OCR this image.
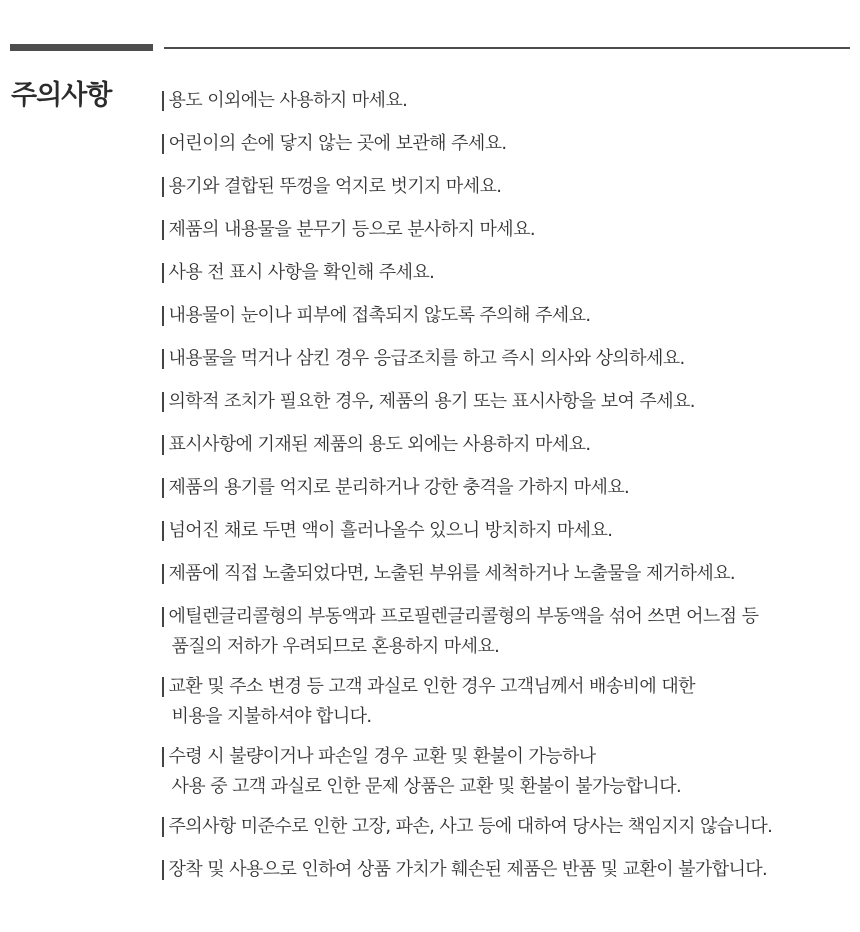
주의사항	용도 이외에는 사용하지 마세요.
어린이의 손에 닿지 않는 곳에 보관해 주세요.
용기와 결합된 뚜껑을 억지로 벗기지 마세요.
제품의 내용물을 분무기 등으로 분사하지 마세요.
사용 전 표시 사항을 확인해 주세요.
내용물이 눈이나 피부에 접촉되지 않도록 주의해 주세요.
내용물을 먹거나 삼킨 경우 응급조치를 하고 즉시 의사와 상의하세요.
의학적 조치가 필요한 경우, 제품의 용기 또는 표시사항을 보여 주세요.
표시사항에 기재된 제품의 용도 외에는 사용하지 마세요.
제품의 용기를 억지로 분리하거나 강한 충격을 가하지 마세요.
넘어진 채로 두면 액이 흘러나올수 있으니 방치하지 마세요.
제품에 직접 노출되었다면, 노출된 부위를 세척하거나 노출물을 제거하세요.
에틸렌글리콜형의 부동액과 프로필렌글리콜형의 부동액을 섞어 쓰면 어느점 등
품질의 저하가 우려되므로 혼용하지 마세요.
교환 및 주소 변경 등 고객 과실로 인한 경우 고객님께서 배송비에 대한
비용을 지불하셔야 합니다.
수령 시 불량이거나 파손일 경우 교환 및 환불이 가능하나
사용 중 고객 과실로 인한 문제 상품은 교환 및 환불이 불가능합니다.
주의사항 미준수로 인한 고장, 파손, 사고 등에 대하여 당사는 책임지지 않습니다.
장착 및 사용으로 인하여 상품 가치가 훼손된 제품은 반품 및 교환이 불가합니다.
